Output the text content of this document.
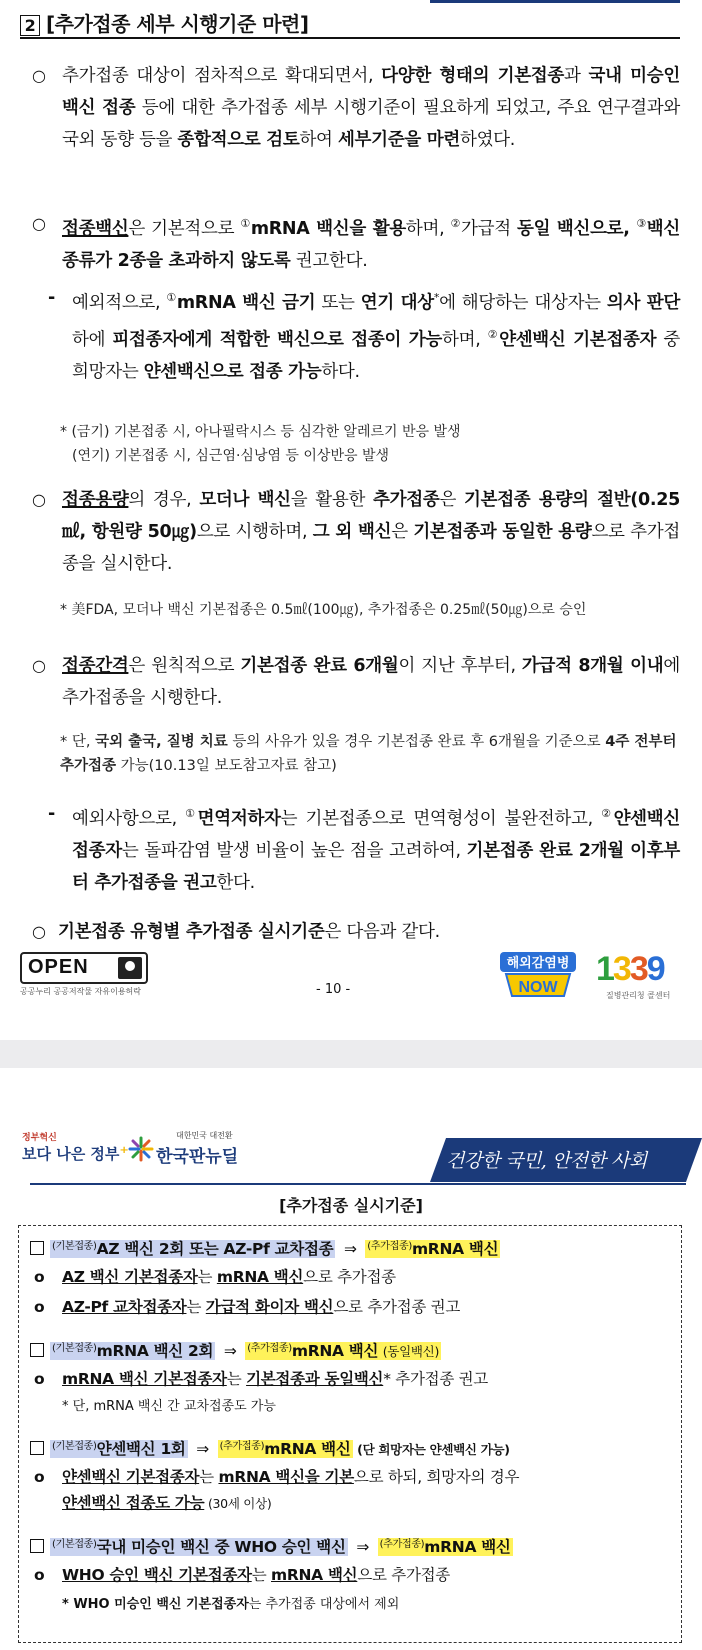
2 [추가접종 세부 시행기준 마련]
○ 추가접종 대상이 점차적으로 확대되면서, 다양한 형태의 기본접종과 국내 미승인 백신 접종 등에 대한 추가접종 세부 시행기준이 필요하게 되었고, 주요 연구결과와 국외 동향 등을 종합적으로 검토하여 세부기준을 마련하였다.
○ 접종백신은 기본적으로 ①mRNA 백신을 활용하며, ②가급적 동일 백신으로, ③백신 종류가 2종을 초과하지 않도록 권고한다.
- 예외적으로, ①mRNA 백신 금기 또는 연기 대상*에 해당하는 대상자는 의사 판단 하에 피접종자에게 적합한 백신으로 접종이 가능하며, ②얀센백신 기본접종자 중 희망자는 얀센백신으로 접종 가능하다.
* (금기) 기본접종 시, 아나필락시스 등 심각한 알레르기 반응 발생
(연기) 기본접종 시, 심근염·심낭염 등 이상반응 발생
○ 접종용량의 경우, 모더나 백신을 활용한 추가접종은 기본접종 용량의 절반(0.25㎖, 항원량 50㎍)으로 시행하며, 그 외 백신은 기본접종과 동일한 용량으로 추가접종을 실시한다.
* 美FDA, 모더나 백신 기본접종은 0.5㎖(100㎍), 추가접종은 0.25㎖(50㎍)으로 승인
○ 접종간격은 원칙적으로 기본접종 완료 6개월이 지난 후부터, 가급적 8개월 이내에 추가접종을 시행한다.
* 단, 국외 출국, 질병 치료 등의 사유가 있을 경우 기본접종 완료 후 6개월을 기준으로 4주 전부터 추가접종 가능(10.13일 보도참고자료 참고)
- 예외사항으로, ①면역저하자는 기본접종으로 면역형성이 불완전하고, ②얀센백신 접종자는 돌파감염 발생 비율이 높은 점을 고려하여, 기본접종 완료 2개월 이후부터 추가접종을 권고한다.
○ 기본접종 유형별 추가접종 실시기준은 다음과 같다.
OPEN
공공누리 공공저작물 자유이용허락	- 10 -
해외감염병
NOW 1339
질병관리청 콜센터
정부혁신
보다 나은 정부⁺
대한민국 대전환
한국판뉴딜	건강한 국민, 안전한 사회
[추가접종 실시기준]
$^{(기본접종)}$AZ 백신 2회 또는 AZ-Pf 교차접종 ⇒ $^{(추가접종)}$mRNA 백신
o AZ 백신 기본접종자는 mRNA 백신으로 추가접종
o AZ-Pf 교차접종자는 가급적 화이자 백신으로 추가접종 권고
$^{(기본접종)}$mRNA 백신 2회 ⇒ $^{(추가접종)}$mRNA 백신 (동일백신)
o mRNA 백신 기본접종자는 기본접종과 동일백신* 추가접종 권고
* 단, mRNA 백신 간 교차접종도 가능
$^{(기본접종)}$얀센백신 1회 ⇒ $^{(추가접종)}$mRNA 백신 (단 희망자는 얀센백신 가능)
o 얀센백신 기본접종자는 mRNA 백신을 기본으로 하되, 희망자의 경우
얀센백신 접종도 가능 (30세 이상)
$^{(기본접종)}$국내 미승인 백신 중 WHO 승인 백신 ⇒ $^{(추가접종)}$mRNA 백신
o WHO 승인 백신 기본접종자는 mRNA 백신으로 추가접종
* WHO 미승인 백신 기본접종자는 추가접종 대상에서 제외
